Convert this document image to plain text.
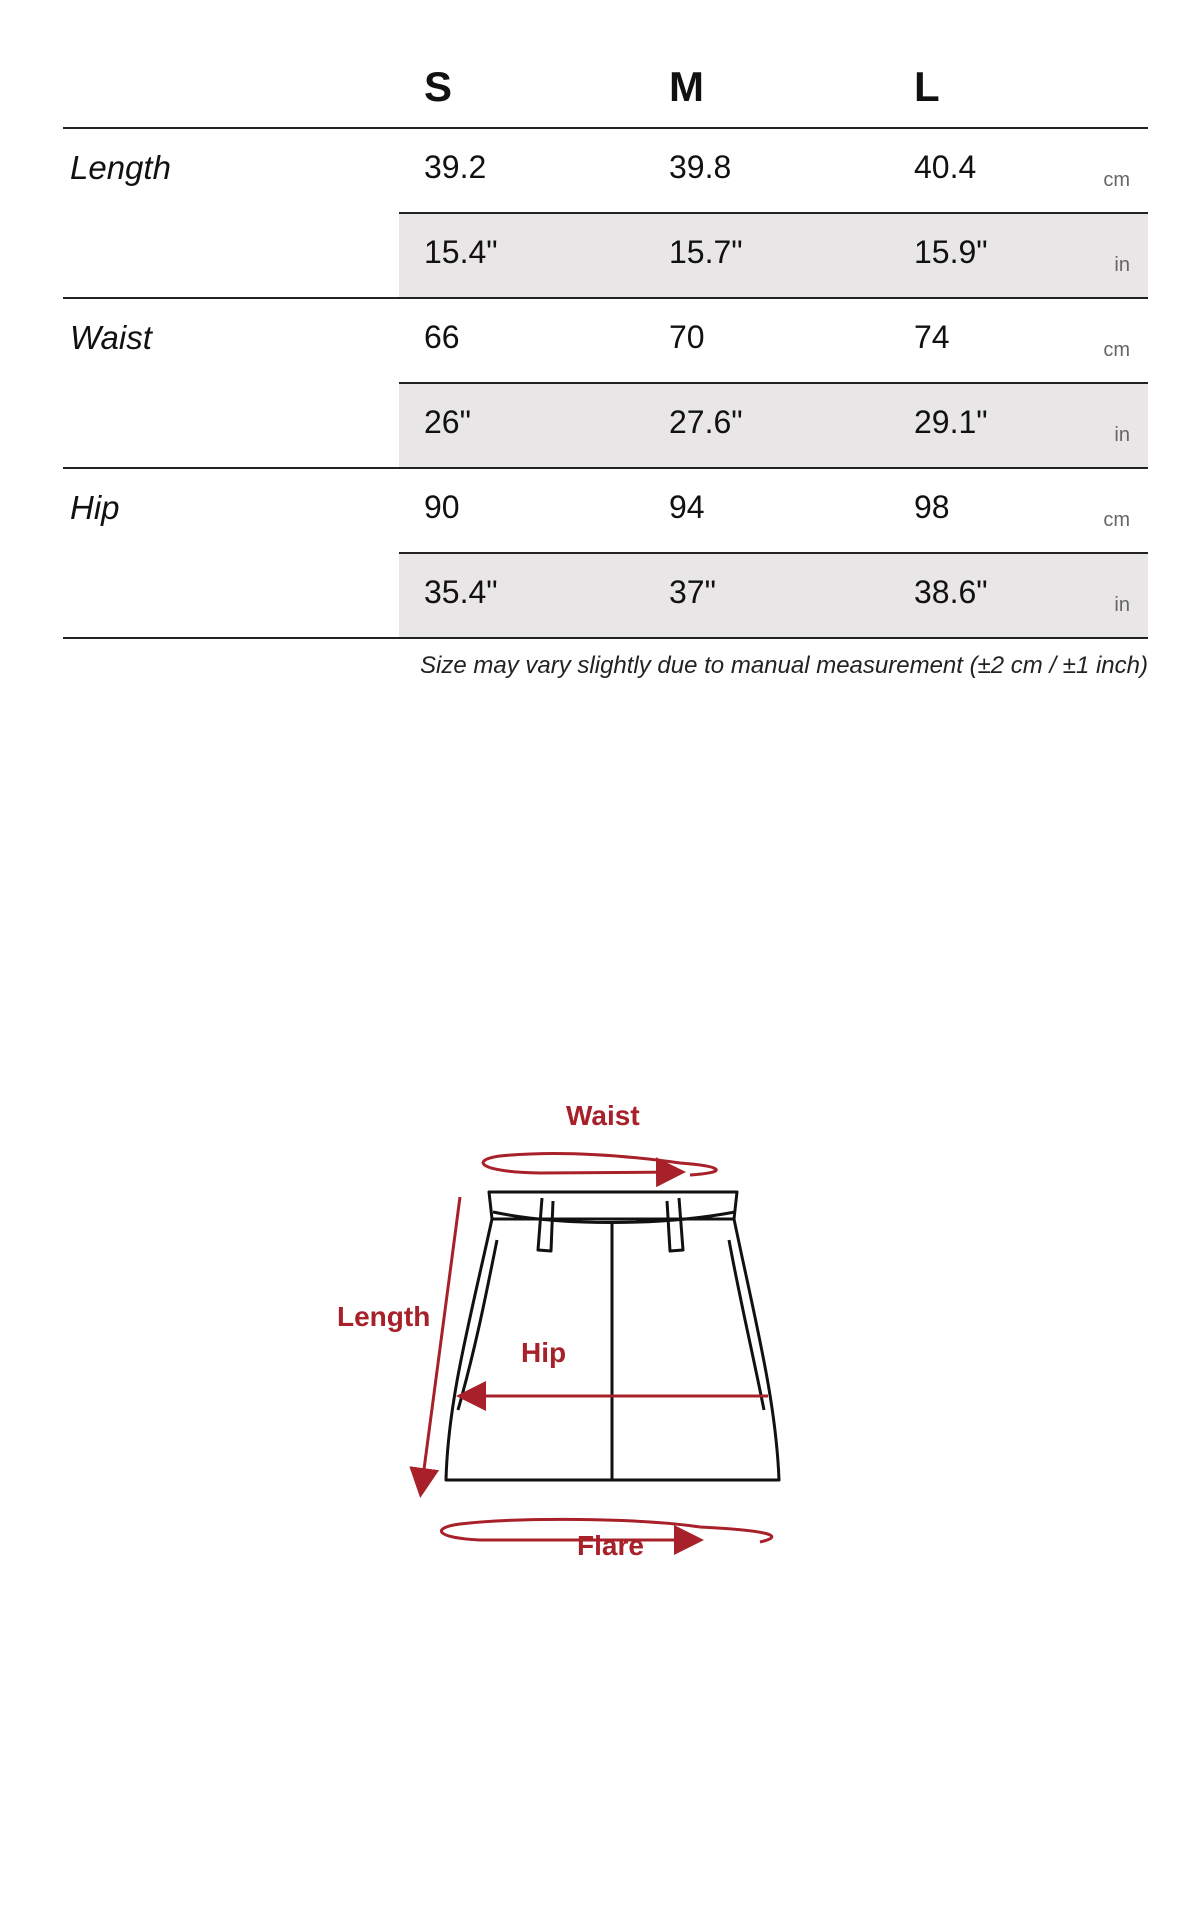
S	M	L
Length	39.2	39.8	40.4	cm
15.4"	15.7"	15.9"	in
Waist	66	70	74	cm
26"	27.6"	29.1"	in
Hip	90	94	98	cm
35.4"	37"	38.6"	in
Size may vary slightly due to manual measurement (±2 cm / ±1 inch)
Waist
Length
Hip
Flare
